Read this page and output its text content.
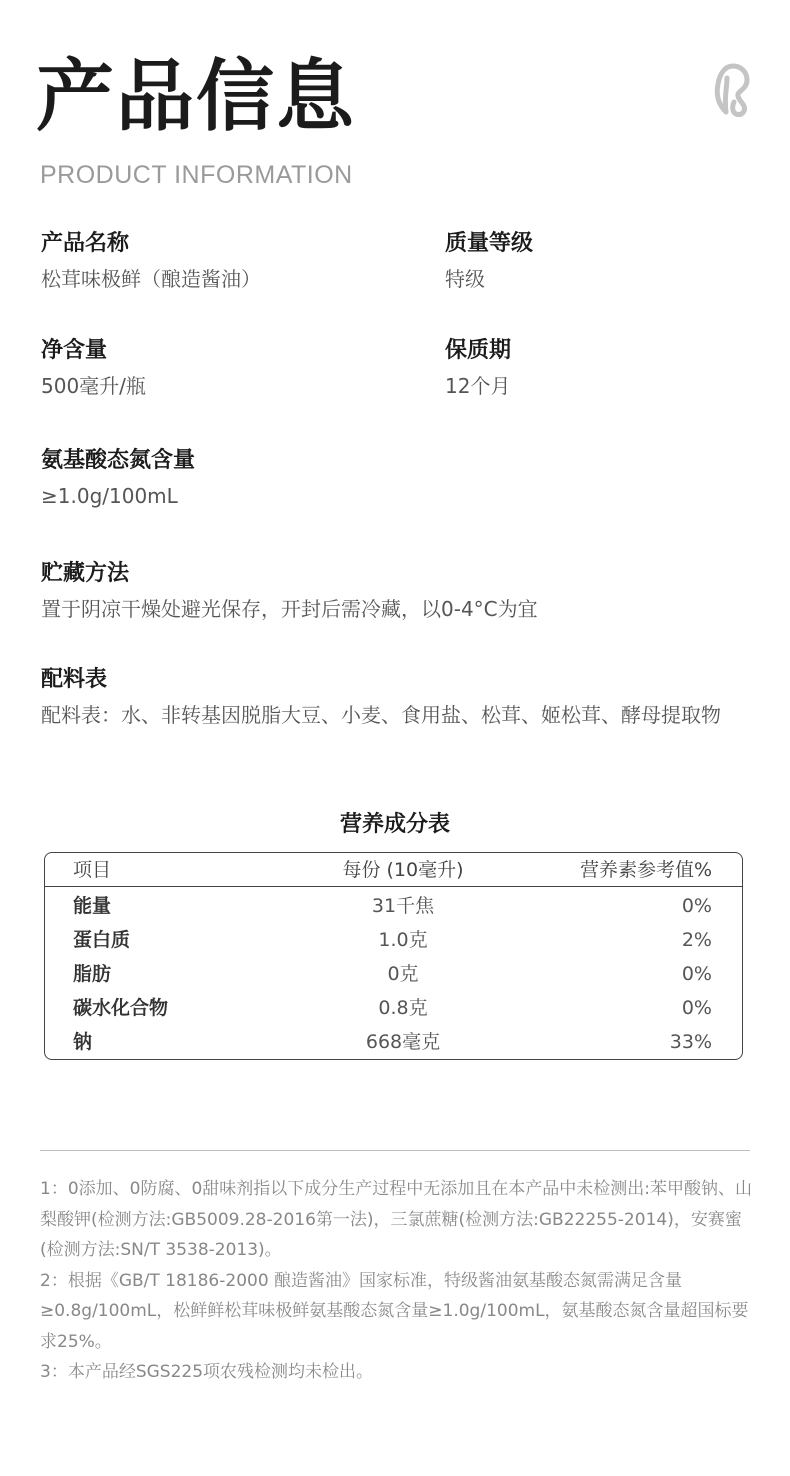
产品信息
PRODUCT INFORMATION
产品名称
松茸味极鲜（酿造酱油）
质量等级
特级
净含量
500毫升/瓶
保质期
12个月
氨基酸态氮含量
≥1.0g/100mL
贮藏方法
置于阴凉干燥处避光保存，开封后需冷藏，以0-4°C为宜
配料表
配料表：水、非转基因脱脂大豆、小麦、食用盐、松茸、姬松茸、酵母提取物
营养成分表
项目	每份 (10毫升)	营养素参考值%
能量	31千焦	0%
蛋白质	1.0克	2%
脂肪	0克	0%
碳水化合物	0.8克	0%
钠	668毫克	33%

1：0添加、0防腐、0甜味剂指以下成分生产过程中无添加且在本产品中未检测出:苯甲酸钠、山梨酸钾(检测方法:GB5009.28-2016第一法)，三氯蔗糖(检测方法:GB22255-2014)，安赛蜜(检测方法:SN/T 3538-2013)。

2：根据《GB/T 18186-2000 酿造酱油》国家标准，特级酱油氨基酸态氮需满足含量≥0.8g/100mL，松鲜鲜松茸味极鲜氨基酸态氮含量≥1.0g/100mL，氨基酸态氮含量超国标要求25%。

3：本产品经SGS225项农残检测均未检出。
